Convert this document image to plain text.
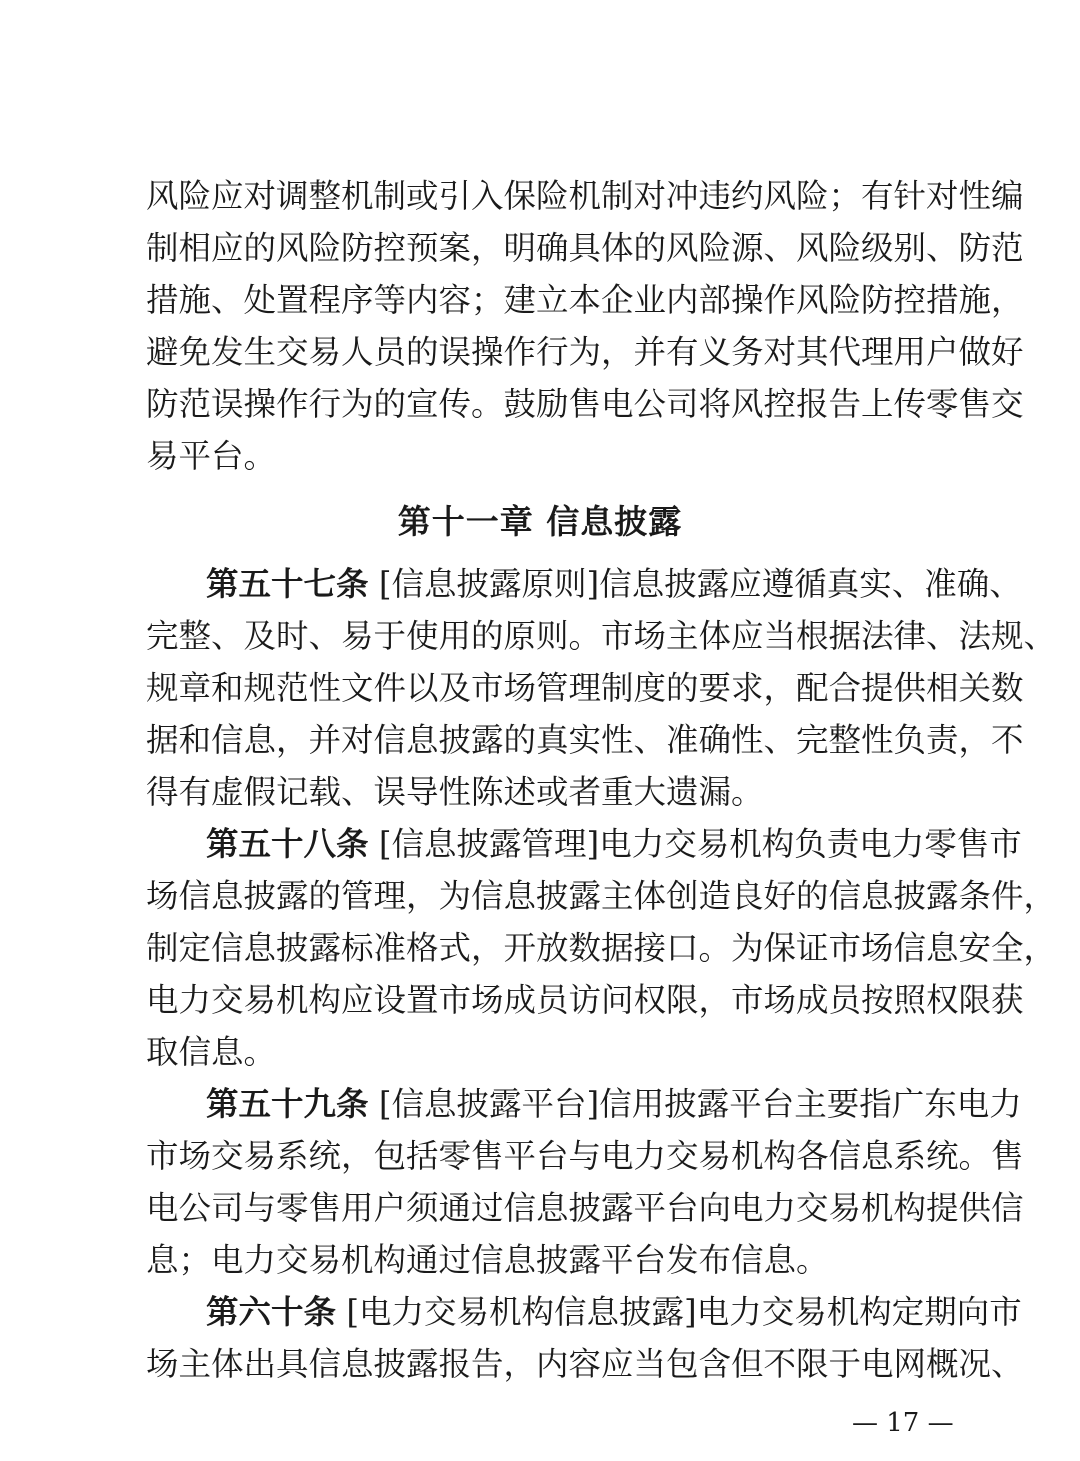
风险应对调整机制或引入保险机制对冲违约风险；有针对性编
制相应的风险防控预案，明确具体的风险源、风险级别、防范
措施、处置程序等内容；建立本企业内部操作风险防控措施，
避免发生交易人员的误操作行为，并有义务对其代理用户做好
防范误操作行为的宣传。鼓励售电公司将风控报告上传零售交
易平台。
第十一章 信息披露
第五十七条 [信息披露原则]信息披露应遵循真实、准确、
完整、及时、易于使用的原则。市场主体应当根据法律、法规、
规章和规范性文件以及市场管理制度的要求，配合提供相关数
据和信息，并对信息披露的真实性、准确性、完整性负责，不
得有虚假记载、误导性陈述或者重大遗漏。
第五十八条 [信息披露管理]电力交易机构负责电力零售市
场信息披露的管理，为信息披露主体创造良好的信息披露条件，
制定信息披露标准格式，开放数据接口。为保证市场信息安全，
电力交易机构应设置市场成员访问权限，市场成员按照权限获
取信息。
第五十九条 [信息披露平台]信用披露平台主要指广东电力
市场交易系统，包括零售平台与电力交易机构各信息系统。售
电公司与零售用户须通过信息披露平台向电力交易机构提供信
息；电力交易机构通过信息披露平台发布信息。
第六十条 [电力交易机构信息披露]电力交易机构定期向市
场主体出具信息披露报告，内容应当包含但不限于电网概况、
— 17 —
